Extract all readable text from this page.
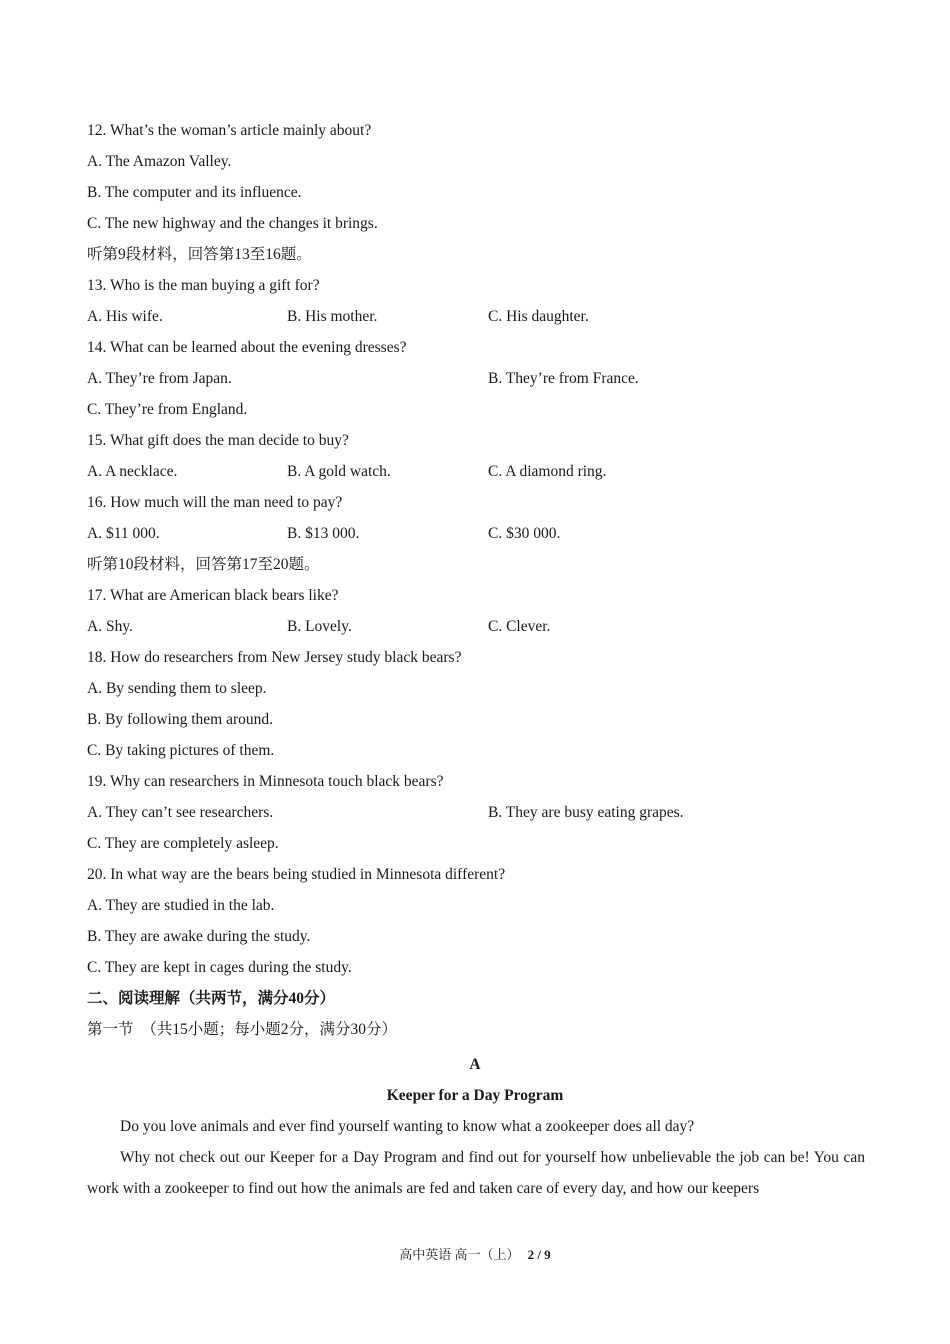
12. What’s the woman’s article mainly about?
A. The Amazon Valley.
B. The computer and its influence.
C. The new highway and the changes it brings.
听第9段材料，回答第13至16题。
13. Who is the man buying a gift for?
A. His wife.	B. His mother.	C. His daughter.
14. What can be learned about the evening dresses?
A. They’re from Japan.	B. They’re from France.
C. They’re from England.
15. What gift does the man decide to buy?
A. A necklace.	B. A gold watch.	C. A diamond ring.
16. How much will the man need to pay?
A. $11 000.	B. $13 000.	C. $30 000.
听第10段材料，回答第17至20题。
17. What are American black bears like?
A. Shy.	B. Lovely.	C. Clever.
18. How do researchers from New Jersey study black bears?
A. By sending them to sleep.
B. By following them around.
C. By taking pictures of them.
19. Why can researchers in Minnesota touch black bears?
A. They can’t see researchers.	B. They are busy eating grapes.
C. They are completely asleep.
20. In what way are the bears being studied in Minnesota different?
A. They are studied in the lab.
B. They are awake during the study.
C. They are kept in cages during the study.
二、阅读理解（共两节，满分40分）
第一节　（共15小题；每小题2分，满分30分）
A
Keeper for a Day Program
Do you love animals and ever find yourself wanting to know what a zookeeper does all day?
Why not check out our Keeper for a Day Program and find out for yourself how unbelievable the job can be! You can work with a zookeeper to find out how the animals are fed and taken care of every day, and how our keepers
高中英语 高一（上） 2 / 9
